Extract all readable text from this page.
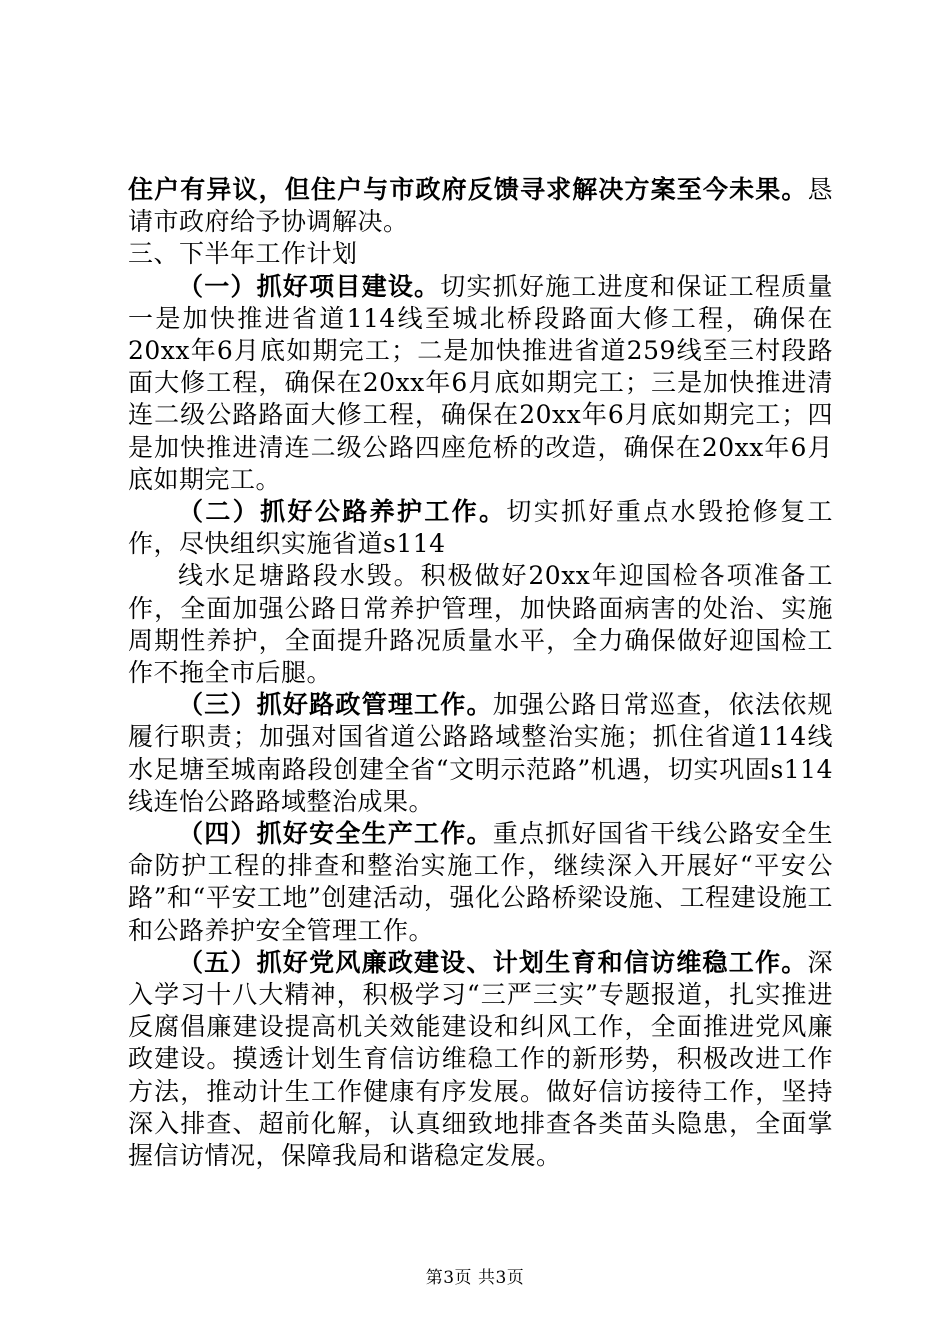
住户有异议，但住户与市政府反馈寻求解决方案至今未果。恳请市政府给予协调解决。

三、下半年工作计划

（一）抓好项目建设。切实抓好施工进度和保证工程质量一是加快推进省道114线至城北桥段路面大修工程，确保在20xx年6月底如期完工；二是加快推进省道259线至三村段路面大修工程，确保在20xx年6月底如期完工；三是加快推进清连二级公路路面大修工程，确保在20xx年6月底如期完工；四是加快推进清连二级公路四座危桥的改造，确保在20xx年6月底如期完工。

（二）抓好公路养护工作。切实抓好重点水毁抢修复工作，尽快组织实施省道s114

线水足塘路段水毁。积极做好20xx年迎国检各项准备工作，全面加强公路日常养护管理，加快路面病害的处治、实施周期性养护，全面提升路况质量水平，全力确保做好迎国检工作不拖全市后腿。

（三）抓好路政管理工作。加强公路日常巡查，依法依规履行职责；加强对国省道公路路域整治实施；抓住省道114线水足塘至城南路段创建全省“文明示范路”机遇，切实巩固s114线连怡公路路域整治成果。

（四）抓好安全生产工作。重点抓好国省干线公路安全生命防护工程的排查和整治实施工作，继续深入开展好“平安公路”和“平安工地”创建活动，强化公路桥梁设施、工程建设施工和公路养护安全管理工作。

（五）抓好党风廉政建设、计划生育和信访维稳工作。深入学习十八大精神，积极学习“三严三实”专题报道，扎实推进反腐倡廉建设提高机关效能建设和纠风工作，全面推进党风廉政建设。摸透计划生育信访维稳工作的新形势，积极改进工作方法，推动计生工作健康有序发展。做好信访接待工作，坚持深入排查、超前化解，认真细致地排查各类苗头隐患，全面掌握信访情况，保障我局和谐稳定发展。

第3页 共3页
